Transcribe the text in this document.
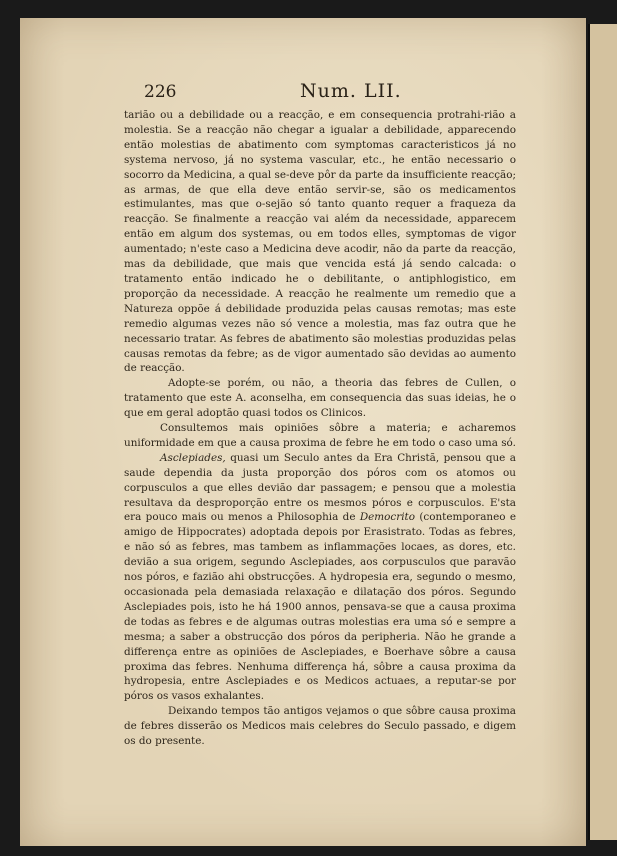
226	Num. LII.

tarião ou a debilidade ou a reacção, e em consequencia protrahi-rião a molestia. Se a reacção não chegar a igualar a debilidade, apparecendo então molestias de abatimento com symptomas caracteristicos já no systema nervoso, já no systema vascular, etc., he então necessario o socorro da Medicina, a qual se-deve pôr da parte da insufficiente reacção; as armas, de que ella deve então servir-se, são os medicamentos estimulantes, mas que o-sejão só tanto quanto requer a fraqueza da reacção. Se finalmente a reacção vai além da necessidade, apparecem então em algum dos systemas, ou em todos elles, symptomas de vigor aumentado; n'este caso a Medicina deve acodir, não da parte da reacção, mas da debilidade, que mais que vencida está já sendo calcada: o tratamento então indicado he o debilitante, o antiphlogistico, em proporção da necessidade. A reacção he realmente um remedio que a Natureza oppõe á debilidade produzida pelas causas remotas; mas este remedio algumas vezes não só vence a molestia, mas faz outra que he necessario tratar. As febres de abatimento são molestias produzidas pelas causas remotas da febre; as de vigor aumentado são devidas ao aumento de reacção.

Adopte-se porém, ou não, a theoria das febres de Cullen, o tratamento que este A. aconselha, em consequencia das suas ideias, he o que em geral adoptão quasi todos os Clinicos.

Consultemos mais opiniões sôbre a materia; e acharemos uniformidade em que a causa proxima de febre he em todo o caso uma só.

Asclepiades, quasi um Seculo antes da Era Christã, pensou que a saude dependia da justa proporção dos póros com os atomos ou corpusculos a que elles devião dar passagem; e pensou que a molestia resultava da desproporção entre os mesmos póros e corpusculos. E'sta era pouco mais ou menos a Philosophia de Democrito (contemporaneo e amigo de Hippocrates) adoptada depois por Erasistrato. Todas as febres, e não só as febres, mas tambem as inflammações locaes, as dores, etc. devião a sua origem, segundo Asclepiades, aos corpusculos que paravão nos póros, e fazião ahi obstrucções. A hydropesia era, segundo o mesmo, occasionada pela demasiada relaxação e dilatação dos póros. Segundo Asclepiades pois, isto he há 1900 annos, pensava-se que a causa proxima de todas as febres e de algumas outras molestias era uma só e sempre a mesma; a saber a obstrucção dos póros da peripheria. Não he grande a differença entre as opiniões de Asclepiades, e Boerhave sôbre a causa proxima das febres. Nenhuma differença há, sôbre a causa proxima da hydropesia, entre Asclepiades e os Medicos actuaes, a reputar-se por póros os vasos exhalantes.

Deixando tempos tão antigos vejamos o que sôbre causa proxima de febres disserão os Medicos mais celebres do Seculo passado, e digem os do presente.
